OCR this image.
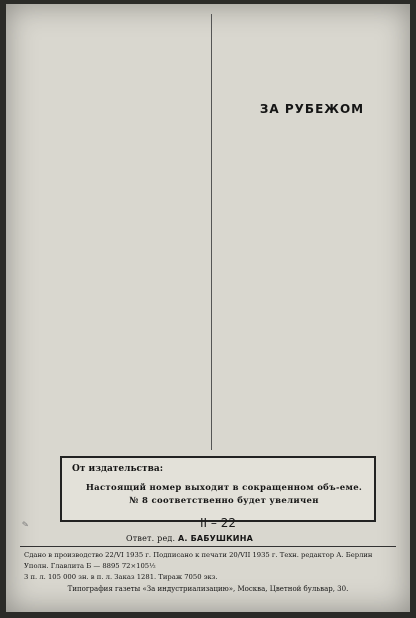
ЗА РУБЕЖОМ
От издательства:
Настоящий номер выходит в сокращенном объ-еме. № 8 соответственно будет увеличен
✎	II – 22
Ответ. ред. А. БАБУШКИНА
Сдано в производство 22/VI 1935 г. Подписано к печати 20/VII 1935 г. Техн. редактор А. Берлин
Уполн. Главлита Б — 8895 72×105½
3 п. л. 105 000 зн. в п. л. Заказ 1281. Тираж 7050 экз.
Типография газеты «За индустриализацию», Москва, Цветной бульвар, 30.
